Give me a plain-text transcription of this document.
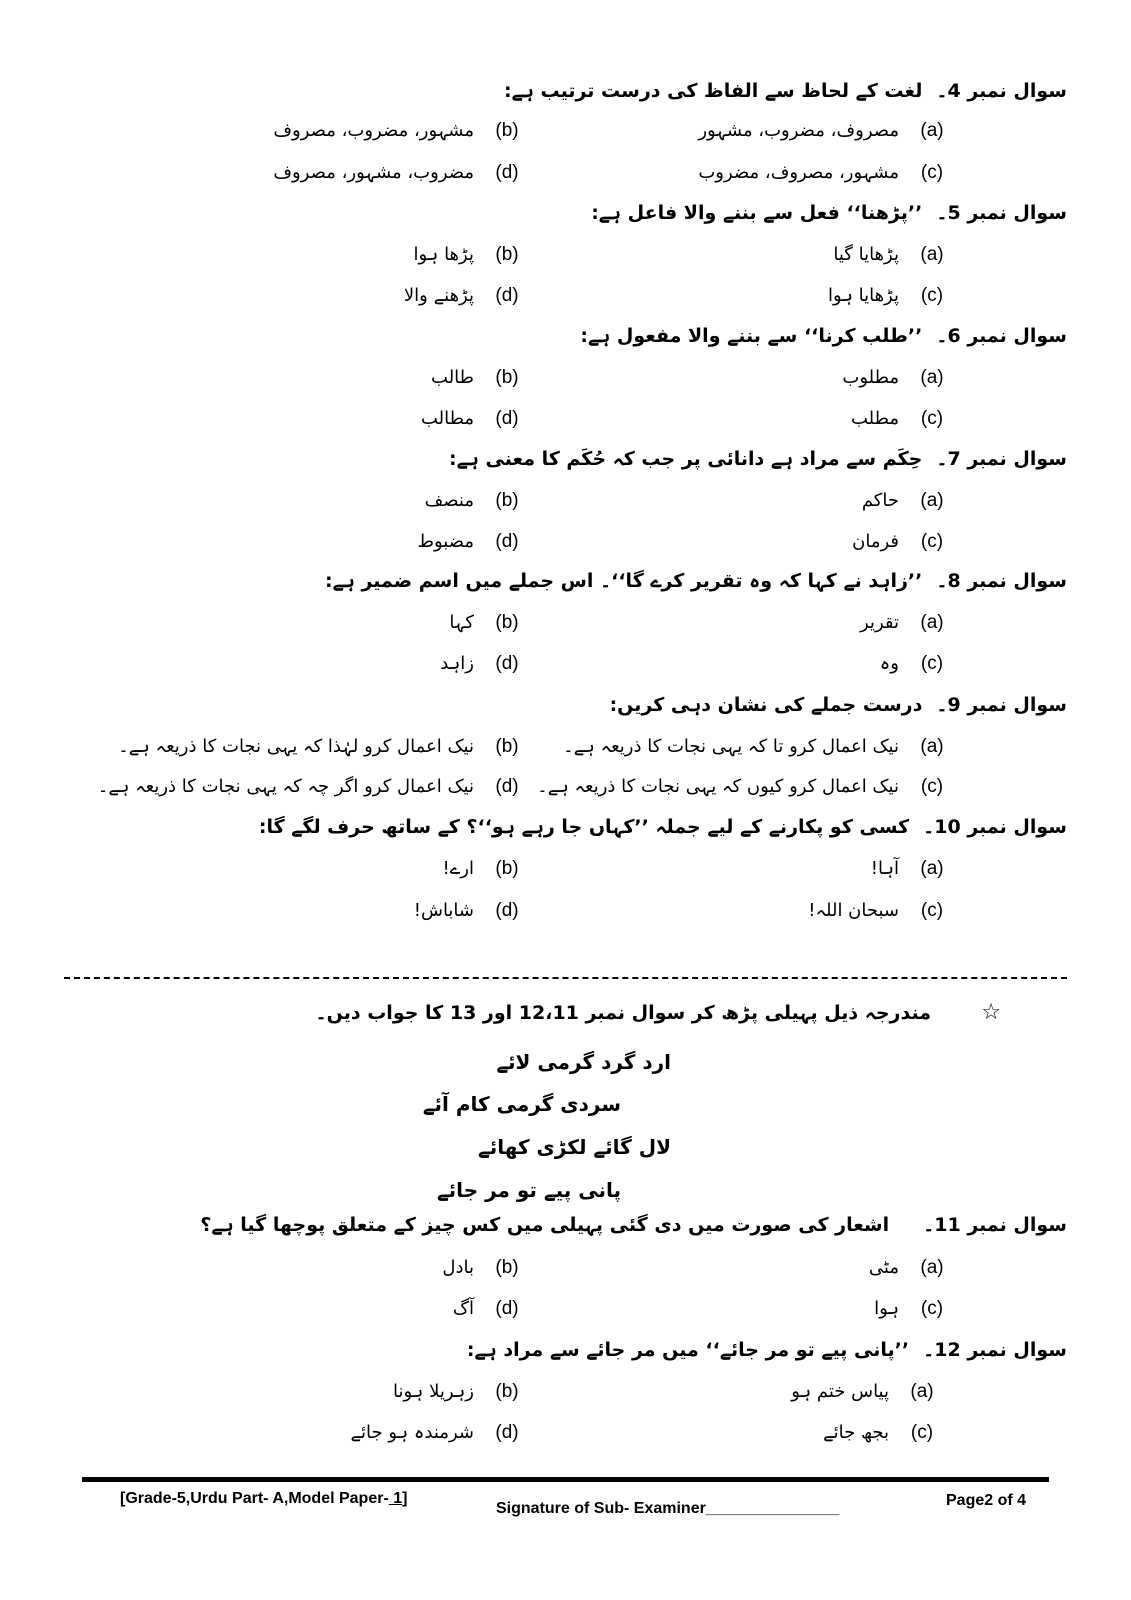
سوال نمبر 4۔
لغت کے لحاظ سے الفاظ کی درست ترتیب ہے:
(a)
مصروف، مضروب، مشہور
(b)
مشہور، مضروب، مصروف
(c)
مشہور، مصروف، مضروب
(d)
مضروب، مشہور، مصروف
سوال نمبر 5۔
’’پڑھنا‘‘ فعل سے بننے والا فاعل ہے:
(a)
پڑھایا گیا
(b)
پڑھا ہوا
(c)
پڑھایا ہوا
(d)
پڑھنے والا
سوال نمبر 6۔
’’طلب کرنا‘‘ سے بننے والا مفعول ہے:
(a)
مطلوب
(b)
طالب
(c)
مطلب
(d)
مطالب
سوال نمبر 7۔
حِکَم سے مراد ہے دانائی پر جب کہ حُکَم کا معنی ہے:
(a)
حاکم
(b)
منصف
(c)
فرمان
(d)
مضبوط
سوال نمبر 8۔
’’زاہد نے کہا کہ وہ تقریر کرے گا‘‘۔ اس جملے میں اسم ضمیر ہے:
(a)
تقریر
(b)
کہا
(c)
وہ
(d)
زاہد
سوال نمبر 9۔
درست جملے کی نشان دہی کریں:
(a)
نیک اعمال کرو تا کہ یہی نجات کا ذریعہ ہے۔
(b)
نیک اعمال کرو لہٰذا کہ یہی نجات کا ذریعہ ہے۔
(c)
نیک اعمال کرو کیوں کہ یہی نجات کا ذریعہ ہے۔
(d)
نیک اعمال کرو اگر چہ کہ یہی نجات کا ذریعہ ہے۔
سوال نمبر 10۔
کسی کو پکارنے کے لیے جملہ ’’کہاں جا رہے ہو‘‘؟ کے ساتھ حرف لگے گا:
(a)
آہا!
(b)
ارے!
(c)
سبحان اللہ!
(d)
شاباش!
☆
مندرجہ ذیل پہیلی پڑھ کر سوال نمبر 12،11 اور 13 کا جواب دیں۔
ارد گرد گرمی لائے
سردی گرمی کام آئے
لال گائے لکڑی کھائے
پانی پیے تو مر جائے
سوال نمبر 11۔
اشعار کی صورت میں دی گئی پہیلی میں کس چیز کے متعلق پوچھا گیا ہے؟
(a)
مٹی
(b)
بادل
(c)
ہوا
(d)
آگ
سوال نمبر 12۔
’’پانی پیے تو مر جائے‘‘ میں مر جائے سے مراد ہے:
(a)
پیاس ختم ہو
(b)
زہریلا ہونا
(c)
بجھ جائے
(d)
شرمندہ ہو جائے
[Grade-5,Urdu Part- A,Model Paper- 1]
Signature of Sub- Examiner_______________	Page2 of 4
